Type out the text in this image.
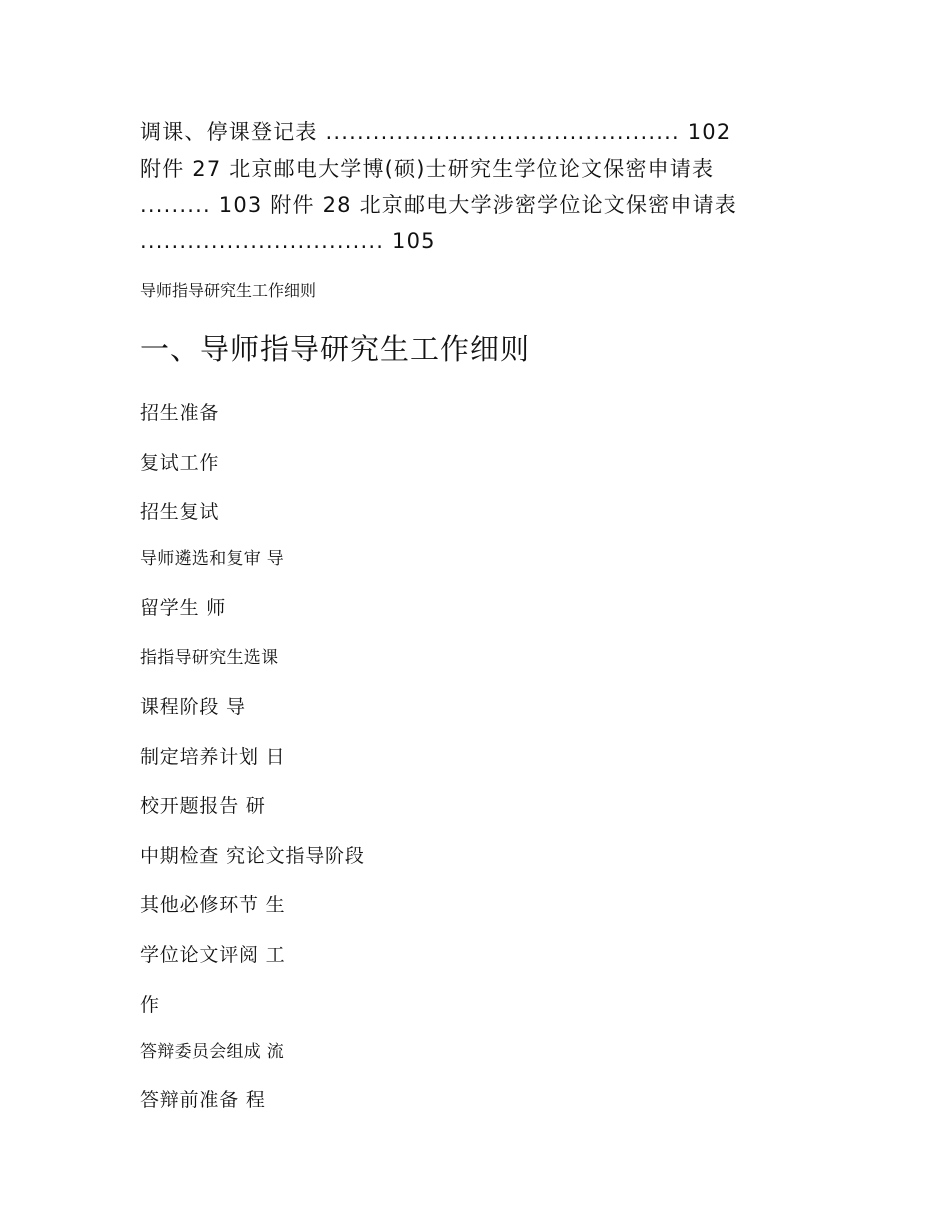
调课、停课登记表 ............................................. 102
附件 27 北京邮电大学博(硕)士研究生学位论文保密申请表
......... 103 附件 28 北京邮电大学涉密学位论文保密申请表
............................... 105
导师指导研究生工作细则
一、导师指导研究生工作细则
招生准备
复试工作
招生复试
导师遴选和复审 导
留学生 师
指指导研究生选课
课程阶段 导
制定培养计划 日
校开题报告 研
中期检查 究论文指导阶段
其他必修环节 生
学位论文评阅 工
作
答辩委员会组成 流
答辩前准备 程
